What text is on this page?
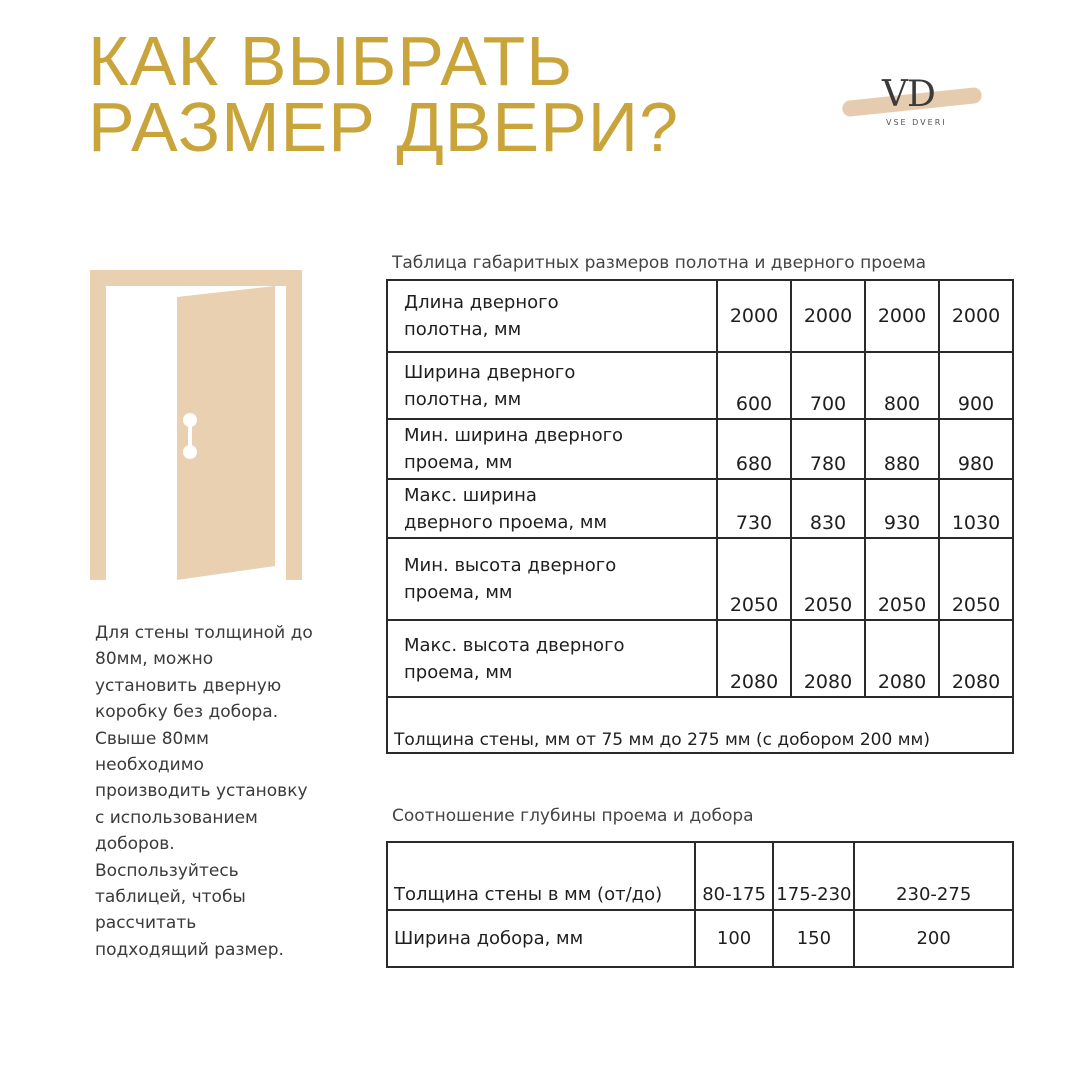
КАК ВЫБРАТЬ
РАЗМЕР ДВЕРИ?	VD
VSE DVERI

Для стены толщиной до
80мм, можно
установить дверную
коробку без добора.
Свыше 80мм
необходимо
производить установку
с использованием
доборов.
Воспользуйтесь
таблицей, чтобы
рассчитать
подходящий размер.

Таблица габаритных размеров полотна и дверного проема
Длина дверного
полотна, мм	2000	2000	2000	2000
Ширина дверного
полотна, мм	600	700	800	900
Мин. ширина дверного
проема, мм	680	780	880	980
Макс. ширина
дверного проема, мм	730	830	930	1030
Мин. высота дверного
проема, мм	2050	2050	2050	2050
Макс. высота дверного
проема, мм	2080	2080	2080	2080
Толщина стены, мм от 75 мм до 275 мм (с добором 200 мм)				
Соотношение глубины проема и добора
Толщина стены в мм (от/до)	80-175	175-230	230-275
Ширина добора, мм	100	150	200
